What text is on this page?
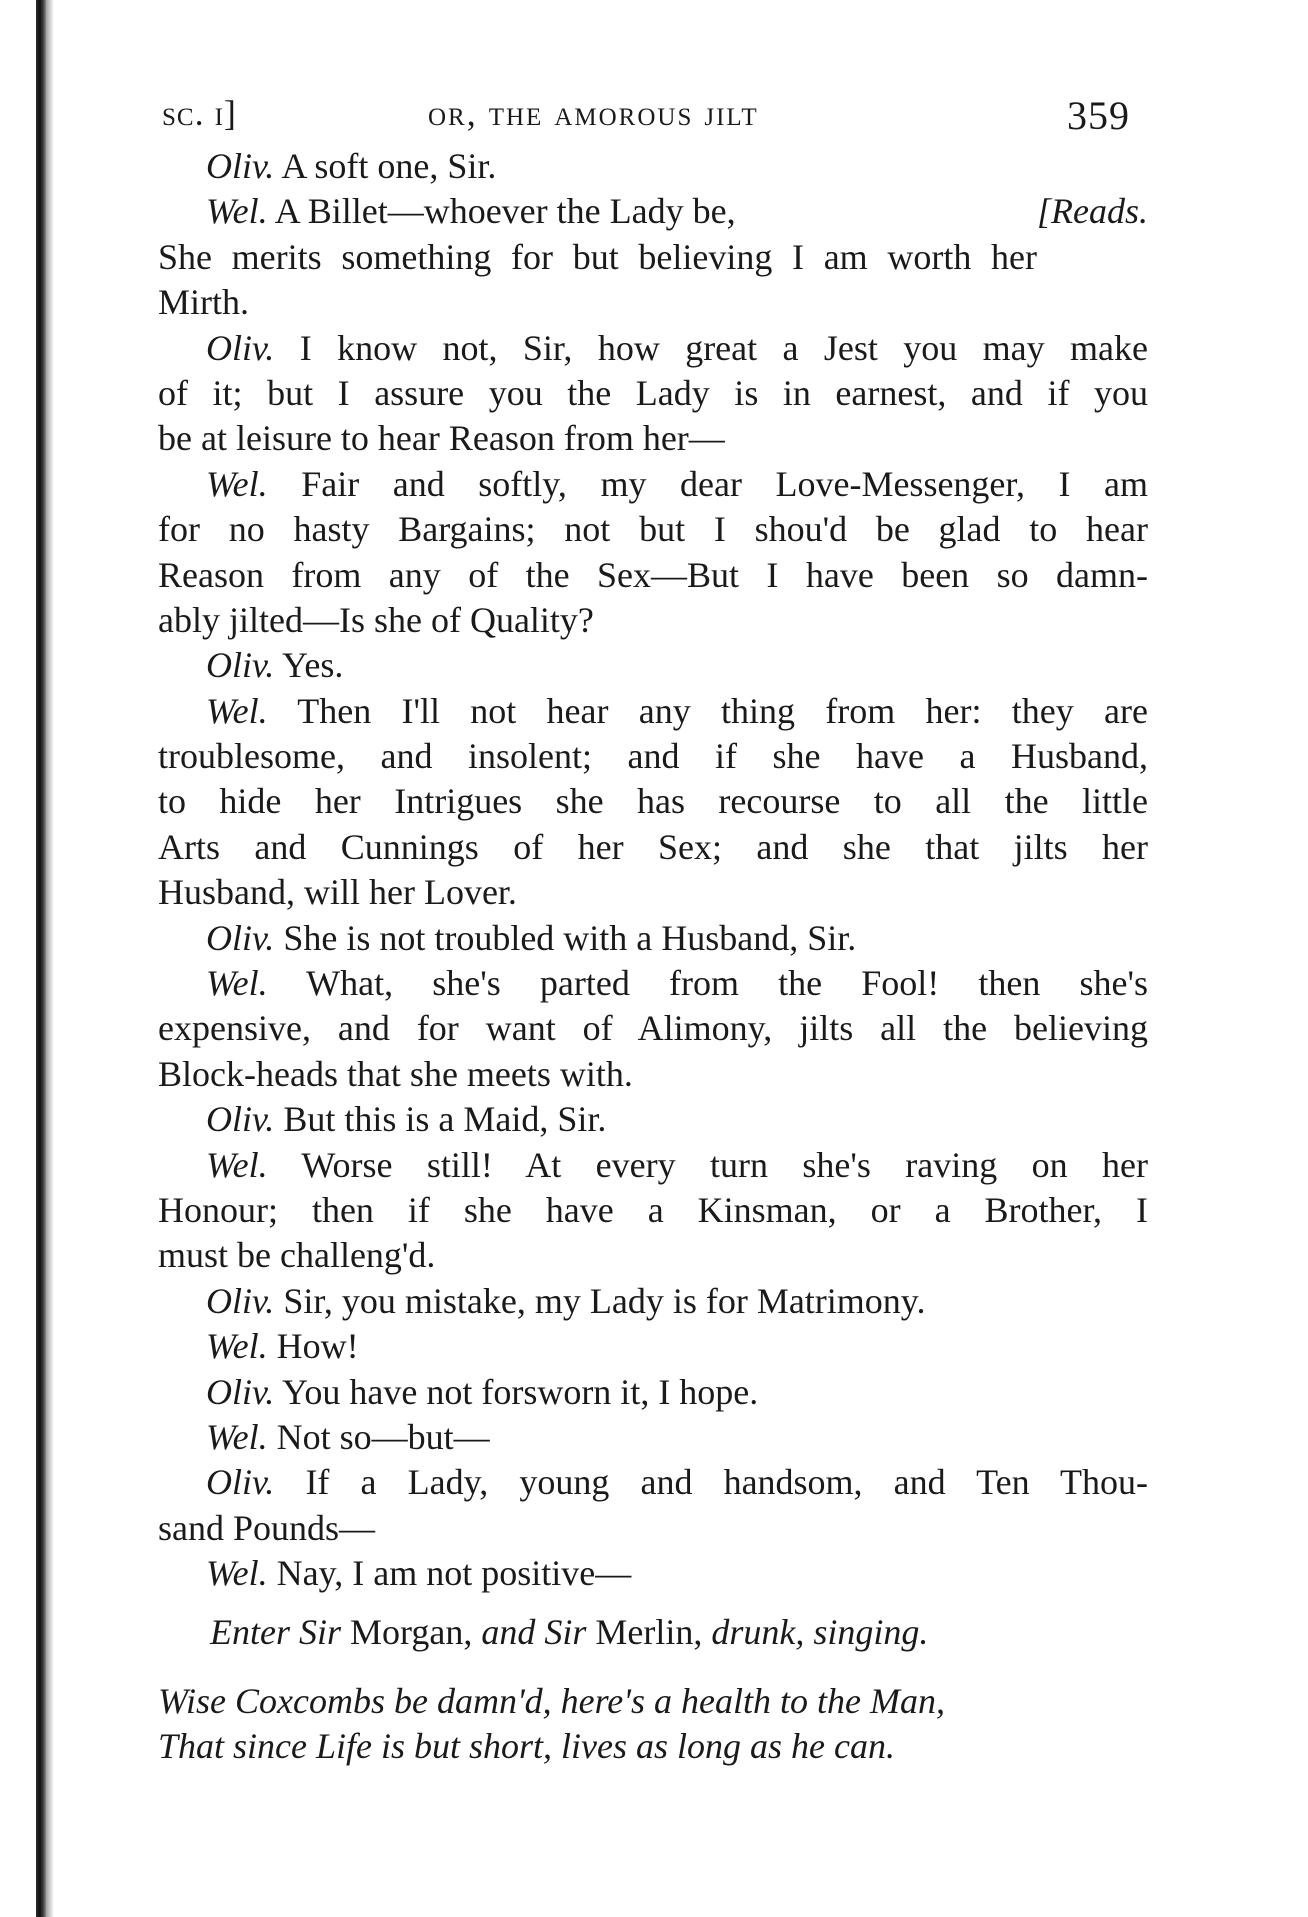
sc. i]	or, the amorous jilt	359
Oliv. A soft one, Sir.
Wel. A Billet—whoever the Lady be,	[Reads.
She merits something for but believing I am worth her
Mirth.
Oliv. I know not, Sir, how great a Jest you may make
of it; but I assure you the Lady is in earnest, and if you
be at leisure to hear Reason from her—
Wel. Fair and softly, my dear Love-Messenger, I am
for no hasty Bargains; not but I shou'd be glad to hear
Reason from any of the Sex—But I have been so damn-
ably jilted—Is she of Quality?
Oliv. Yes.
Wel. Then I'll not hear any thing from her: they are
troublesome, and insolent; and if she have a Husband,
to hide her Intrigues she has recourse to all the little
Arts and Cunnings of her Sex; and she that jilts her
Husband, will her Lover.
Oliv. She is not troubled with a Husband, Sir.
Wel. What, she's parted from the Fool! then she's
expensive, and for want of Alimony, jilts all the believing
Block-heads that she meets with.
Oliv. But this is a Maid, Sir.
Wel. Worse still! At every turn she's raving on her
Honour; then if she have a Kinsman, or a Brother, I
must be challeng'd.
Oliv. Sir, you mistake, my Lady is for Matrimony.
Wel. How!
Oliv. You have not forsworn it, I hope.
Wel. Not so—but—
Oliv. If a Lady, young and handsom, and Ten Thou-
sand Pounds—
Wel. Nay, I am not positive—
Enter Sir Morgan, and Sir Merlin, drunk, singing.
Wise Coxcombs be damn'd, here's a health to the Man,
That since Life is but short, lives as long as he can.
